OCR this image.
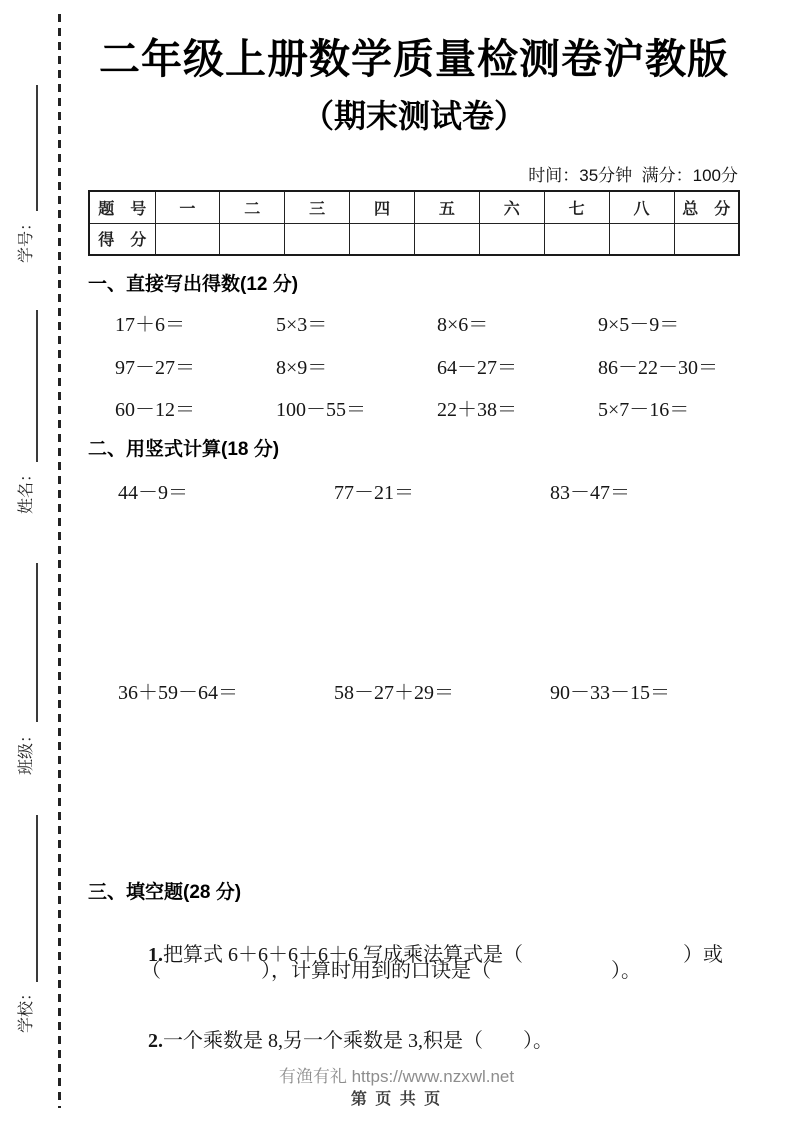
学号：
姓名：
班级：
学校：
二年级上册数学质量检测卷沪教版
（期末测试卷）
时间：35分钟  满分：100分
题　号	一	二	三	四	五	六	七	八	总　分
得　分									
一、直接写出得数(12 分)
17＋6＝	5×3＝	8×6＝	9×5－9＝
97－27＝	8×9＝	64－27＝	86－22－30＝
60－12＝	100－55＝	22＋38＝	5×7－16＝
二、用竖式计算(18 分)
44－9＝	77－21＝	83－47＝
36＋59－64＝	58－27＋29＝	90－33－15＝
三、填空题(28 分)

1.把算式 6＋6＋6＋6＋6 写成乘法算式是（　　　　　　　　）或

（　　　　　），计算时用到的口诀是（　　　　　　）。

2.一个乘数是 8,另一个乘数是 3,积是（　　）。

有渔有礼 https://www.nzxwl.net
第 页 共 页
